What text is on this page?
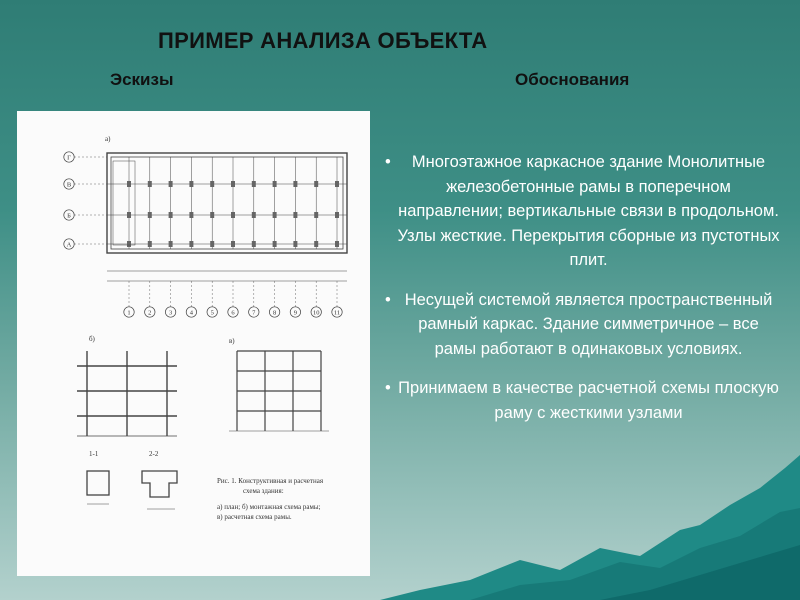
ПРИМЕР АНАЛИЗА ОБЪЕКТА
Эскизы	Обоснования
а)
Г
В
Б
А
1	2	3	4	5	6	7	8	9 10 11
б)	в)
1-1	2-2
Рис. 1. Конструктивная и расчетная
схема здания:
а) план; б) монтажная схема рамы;
в) расчетная схема рамы.
•	Многоэтажное каркасное здание Монолитные железобетонные рамы в поперечном направлении; вертикальные связи в продольном. Узлы жесткие. Перекрытия сборные из пустотных плит.
• Несущей системой является пространственный рамный каркас. Здание симметричное – все рамы работают в одинаковых условиях.
• Принимаем в качестве расчетной схемы плоскую раму с жесткими узлами
